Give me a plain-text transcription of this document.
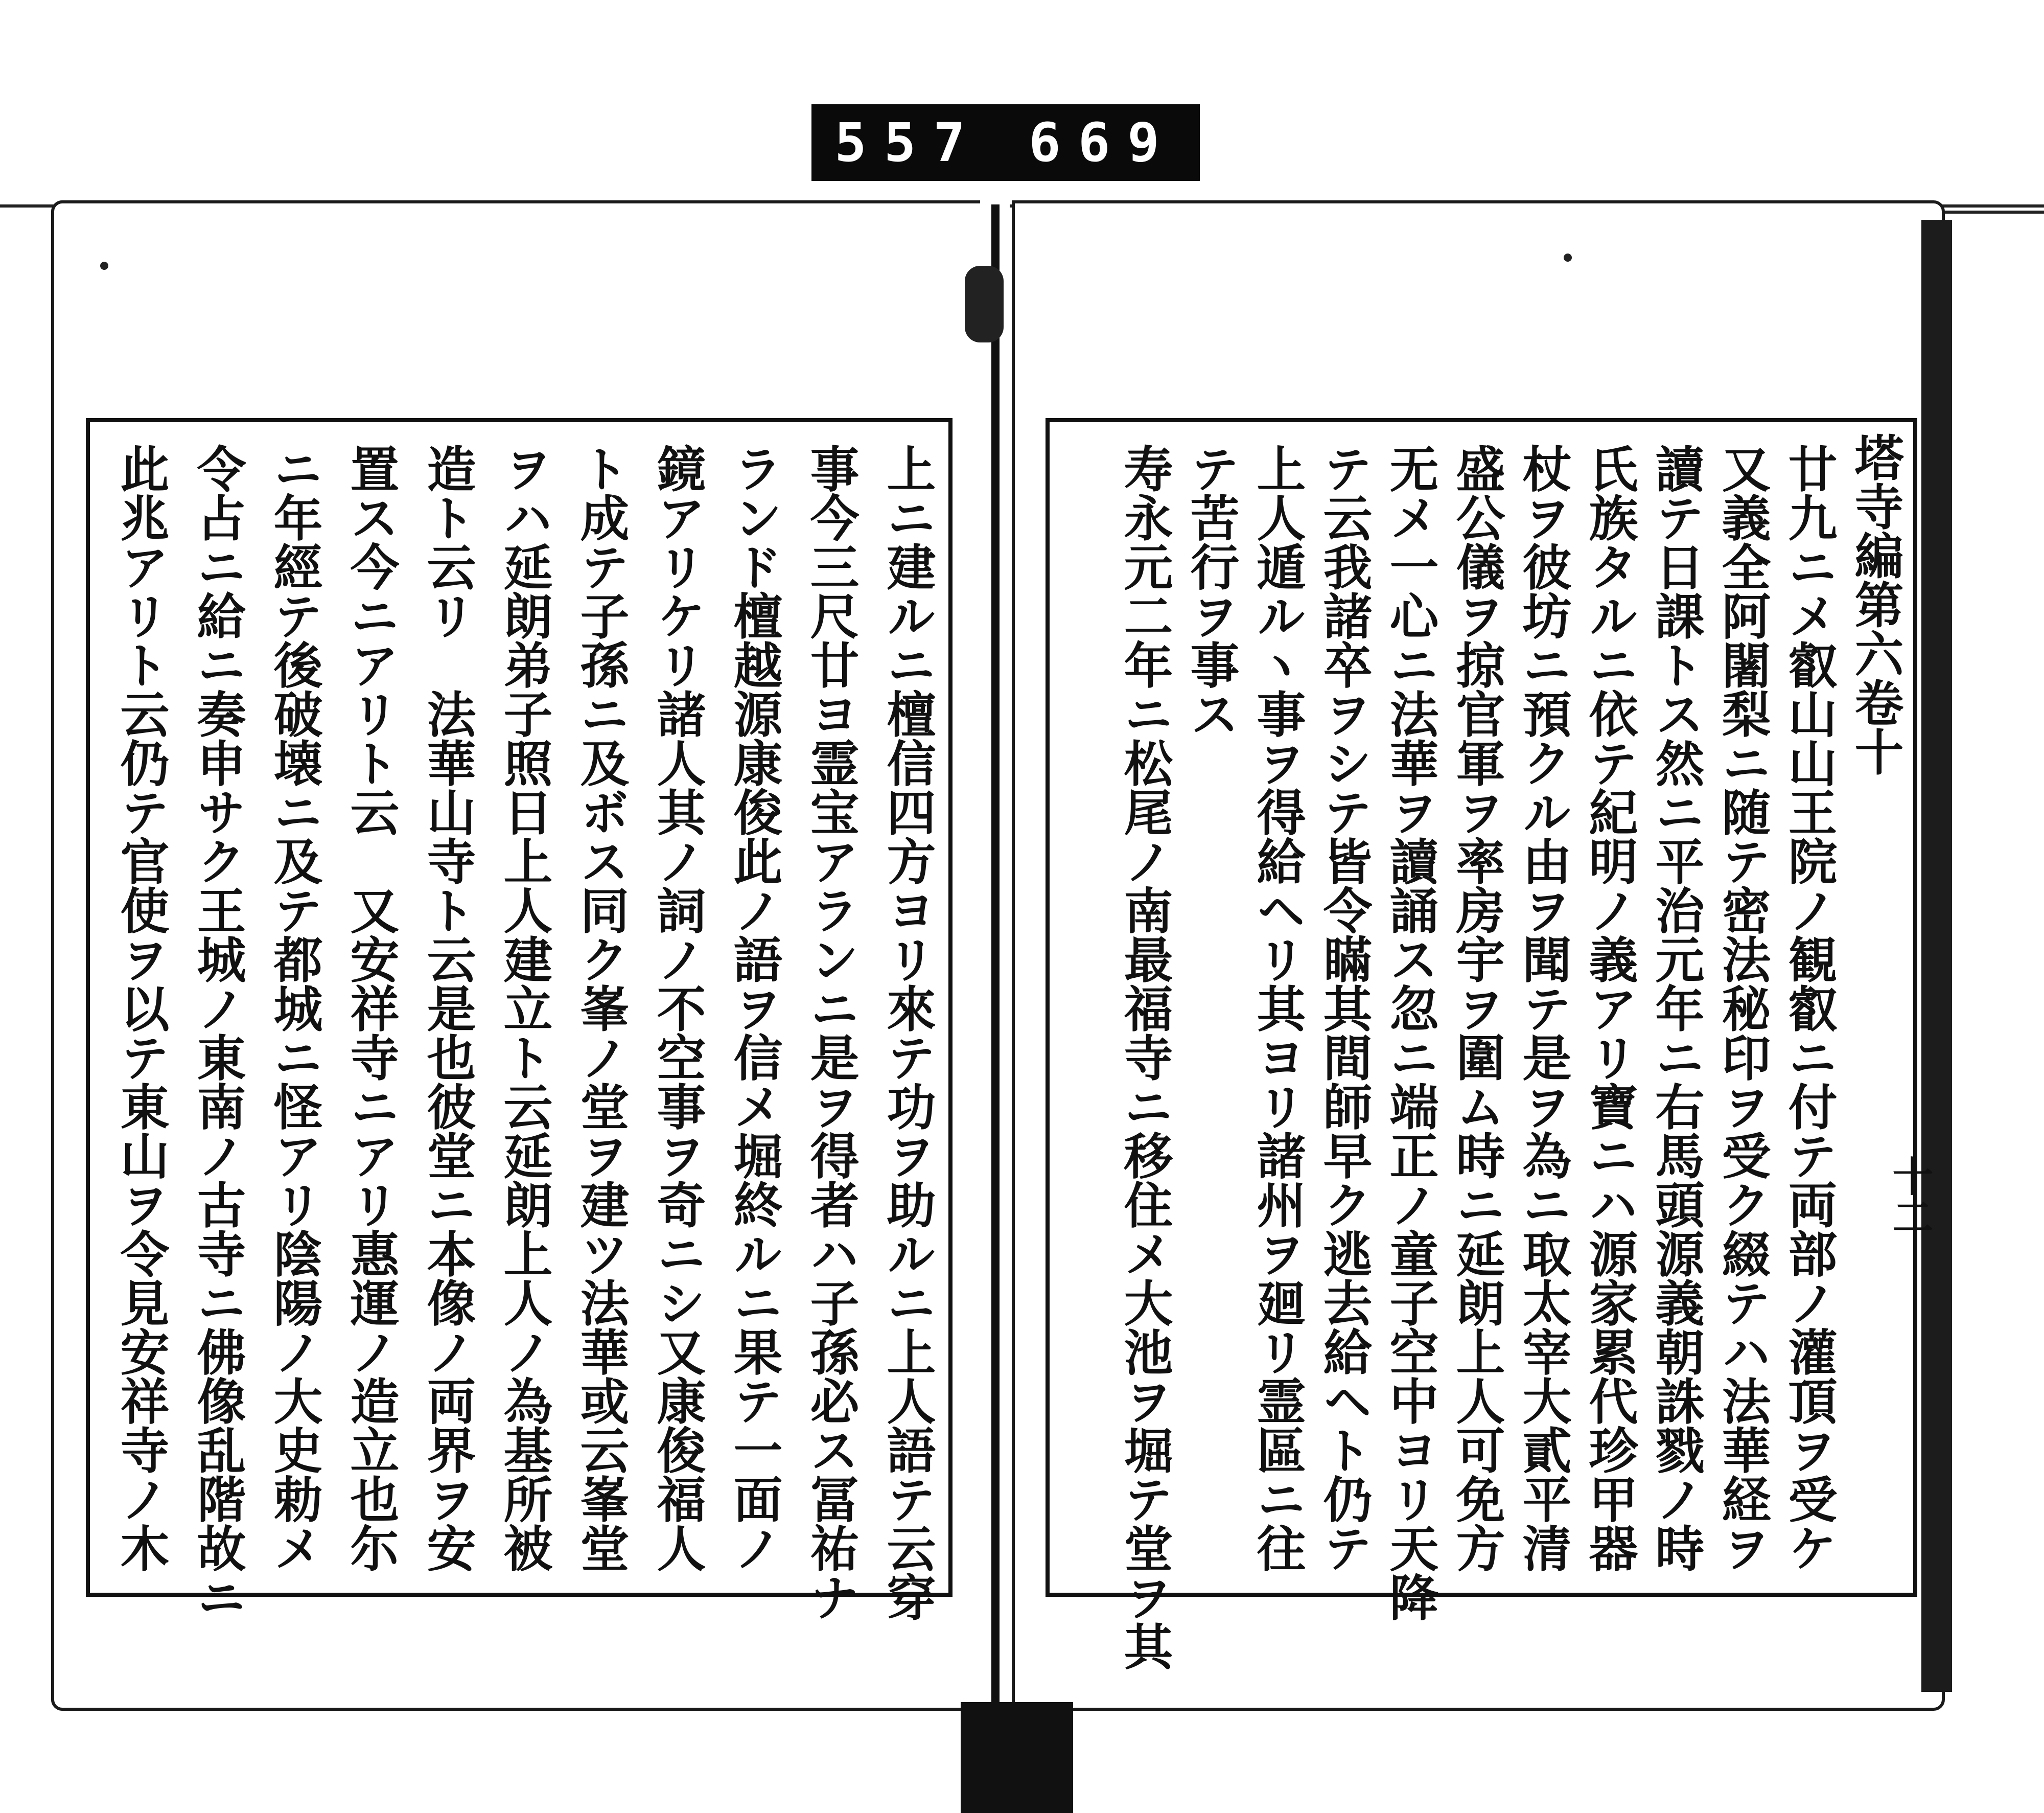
557 669
塔寺編第六卷十
廿九ニメ叡山山王院ノ観叡ニ付テ両部ノ灌頂ヲ受ケ
又義全阿闍梨ニ随テ密法秘印ヲ受ク綴テハ法華経ヲ
讀テ日課トス然ニ平治元年ニ右馬頭源義朝誅戮ノ時
氏族タルニ依テ紀明ノ義アリ寶ニハ源家累代珍甲器
杖ヲ彼坊ニ預クル由ヲ聞テ是ヲ為ニ取太宰大貳平清
盛公儀ヲ掠官軍ヲ率房宇ヲ圍ム時ニ延朗上人可免方
无メ一心ニ法華ヲ讀誦ス忽ニ端正ノ童子空中ヨリ天降
テ云我諸卒ヲシテ皆令瞞其間師早ク逃去給ヘト仍テ
上人遁ルヽ事ヲ得給ヘリ其ヨリ諸州ヲ廻リ霊區ニ往
テ苦行ヲ事ス
寿永元二年ニ松尾ノ南最福寺ニ移住メ大池ヲ堀テ堂ヲ其	十二
上ニ建ルニ檀信四方ヨリ來テ功ヲ助ルニ上人語テ云穿
事今三尺廿ヨ霊宝アランニ是ヲ得者ハ子孫必ス冨祐ナ
ランド檀越源康俊此ノ語ヲ信メ堀終ルニ果テ一面ノ
鏡アリケリ諸人其ノ詞ノ不空事ヲ奇ニシ又康俊福人
ト成テ子孫ニ及ボス同ク峯ノ堂ヲ建ツ法華或云峯堂
ヲハ延朗弟子照日上人建立ト云延朗上人ノ為基所被
造ト云リ　法華山寺ト云是也彼堂ニ本像ノ両界ヲ安
置ス今ニアリト云　又安祥寺ニアリ惠運ノ造立也尓
ニ年經テ後破壊ニ及テ都城ニ怪アリ陰陽ノ大史勅メ
令占ニ給ニ奏申サク王城ノ東南ノ古寺ニ佛像乱階故ニ
此兆アリト云仍テ官使ヲ以テ東山ヲ令見安祥寺ノ木
